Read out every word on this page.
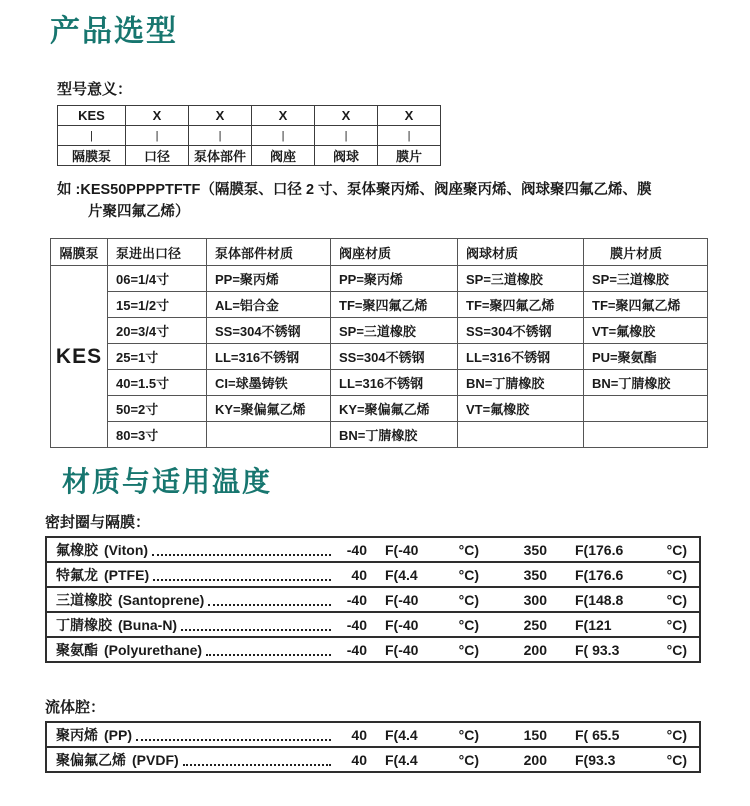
产品选型
型号意义：
KES	X	X	X	X	X
|	|	|	|	|	|
隔膜泵	口径	泵体部件	阀座	阀球	膜片
如 :KES50PPPPTFTF（隔膜泵、口径 2 寸、泵体聚丙烯、阀座聚丙烯、阀球聚四氟乙烯、膜
片聚四氟乙烯）
隔膜泵	泵进出口径	泵体部件材质	阀座材质	阀球材质	膜片材质
KES	06=1/4寸	PP=聚丙烯	PP=聚丙烯	SP=三道橡胶	SP=三道橡胶
	15=1/2寸	AL=铝合金	TF=聚四氟乙烯	TF=聚四氟乙烯	TF=聚四氟乙烯
	20=3/4寸	SS=304不锈钢	SP=三道橡胶	SS=304不锈钢	VT=氟橡胶
	25=1寸	LL=316不锈钢	SS=304不锈钢	LL=316不锈钢	PU=聚氨酯
	40=1.5寸	CI=球墨铸铁	LL=316不锈钢	BN=丁腈橡胶	BN=丁腈橡胶
	50=2寸	KY=聚偏氟乙烯	KY=聚偏氟乙烯	VT=氟橡胶	
	80=3寸		BN=丁腈橡胶		
材质与适用温度
密封圈与隔膜：
氟橡胶 (Viton)	-40 F(-40	°C)	350 F(176.6	°C)
特氟龙 (PTFE)	40 F(4.4	°C)	350 F(176.6	°C)
三道橡胶 (Santoprene)	-40 F(-40	°C)	300 F(148.8	°C)
丁腈橡胶 (Buna-N)	-40 F(-40	°C)	250 F(121	°C)
聚氨酯 (Polyurethane)	-40 F(-40	°C)	200 F( 93.3	°C)
流体腔：
聚丙烯 (PP)	40 F(4.4	°C)	150 F( 65.5	°C)
聚偏氟乙烯 (PVDF)	40 F(4.4	°C)	200 F(93.3	°C)
